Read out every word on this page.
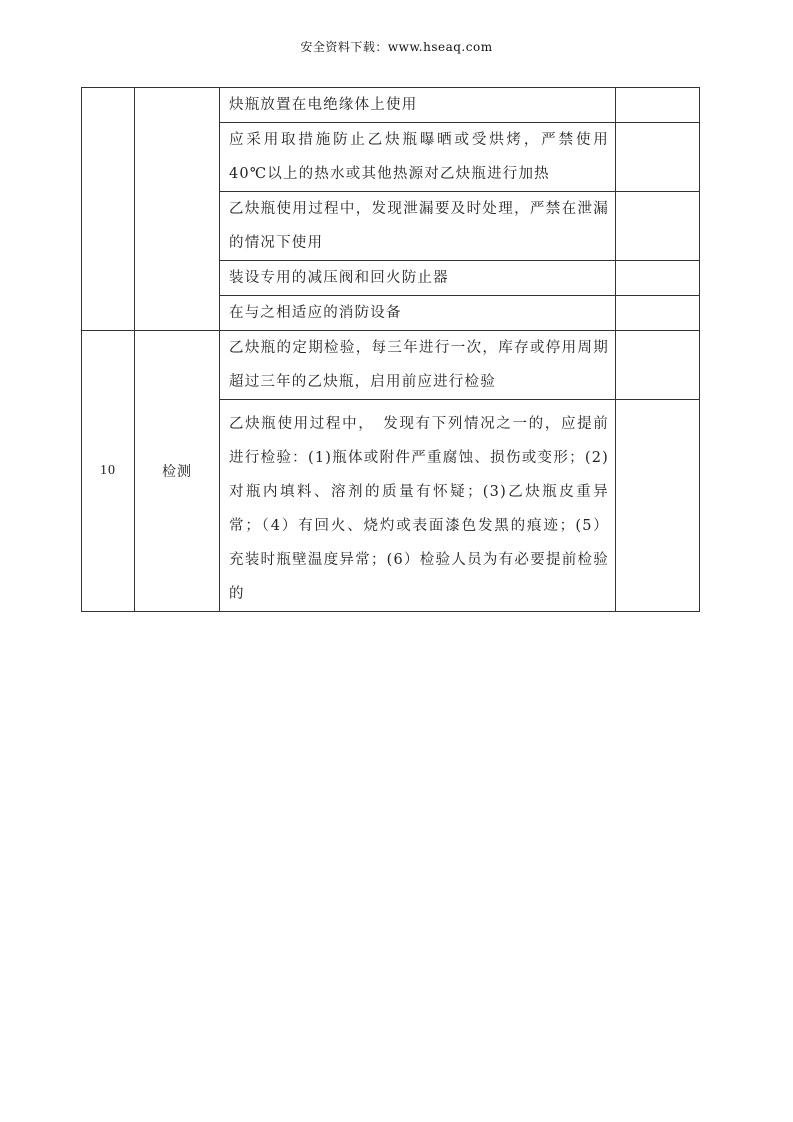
安全资料下载：www.hseaq.com
		炔瓶放置在电绝缘体上使用	
		应采用取措施防止乙炔瓶曝晒或受烘烤，严禁使用 40℃以上的热水或其他热源对乙炔瓶进行加热	
		乙炔瓶使用过程中，发现泄漏要及时处理，严禁在泄漏的情况下使用	
		装设专用的减压阀和回火防止器	
		在与之相适应的消防设备	
10	检测	乙炔瓶的定期检验，每三年进行一次，库存或停用周期超过三年的乙炔瓶，启用前应进行检验	
		乙炔瓶使用过程中，　发现有下列情况之一的，应提前进行检验：(1)瓶体或附件严重腐蚀、损伤或变形；(2)对瓶内填料、溶剂的质量有怀疑；(3)乙炔瓶皮重异常；（4）有回火、烧灼或表面漆色发黑的痕迹；(5）充装时瓶壁温度异常；(6）检验人员为有必要提前检验的	
